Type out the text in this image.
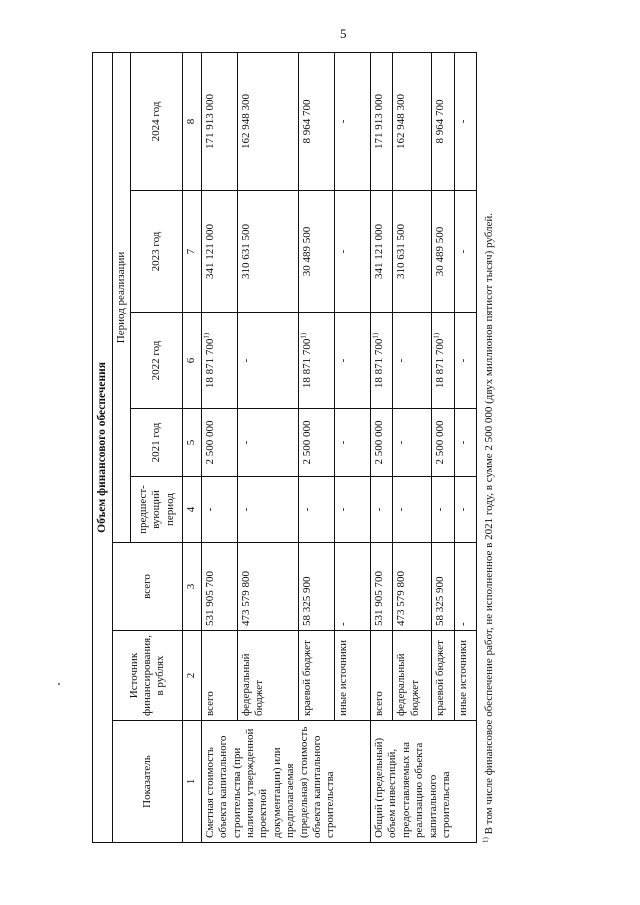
5
Объем финансового обеспечения							
Показатель	Источник финансирования, в рублях	всего	Период реализации				
			предшест-вующий период	2021 год	2022 год	2023 год	2024 год
1	2	3	4	5	6	7	8
Сметная стоимость объекта капитального строительства (при наличии утвержденной проектной документации) или предполагаемая (предельная) стоимость объекта капитального строительства	всего	531 905 700	-	2 500 000	18 871 700$^{1)}$	341 121 000	171 913 000
	федеральный бюджет	473 579 800	-	-	-	310 631 500	162 948 300
	краевой бюджет	58 325 900	-	2 500 000	18 871 700$^{1)}$	30 489 500	8 964 700
	иные источники	-	-	-	-	-	-
Общий (предельный) объем инвестиций, предоставляемых на реализацию объекта капитального строительства	всего	531 905 700	-	2 500 000	18 871 700$^{1)}$	341 121 000	171 913 000
	федеральный бюджет	473 579 800	-	-	-	310 631 500	162 948 300
	краевой бюджет	58 325 900	-	2 500 000	18 871 700$^{1)}$	30 489 500	8 964 700
	иные источники	-	-	-	-	-	-
$^{1)}$ В том числе финансовое обеспечение работ, не исполненное в 2021 году, в сумме 2 500 000 (двух миллионов пятисот тысяч) рублей.
